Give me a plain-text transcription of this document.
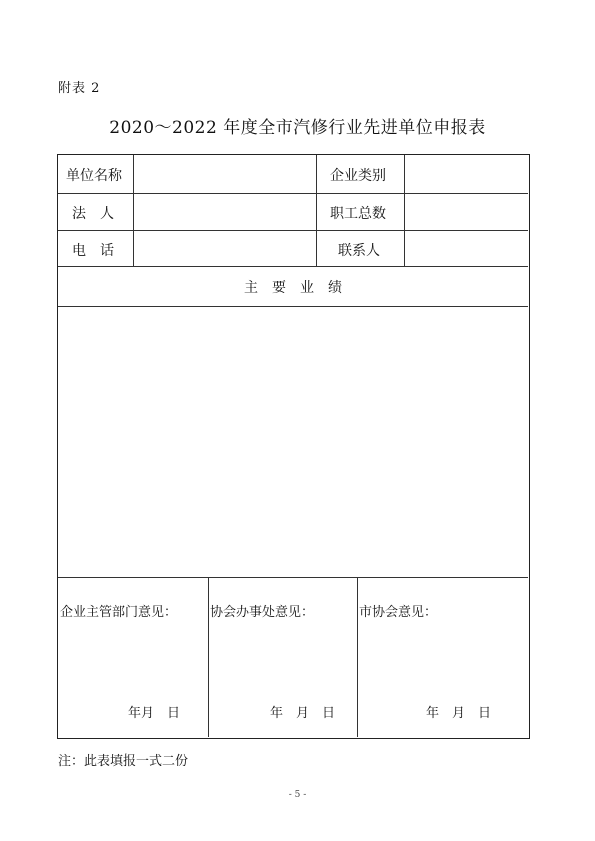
附表 2
2020～2022 年度全市汽修行业先进单位申报表
单位名称	企业类别
法　人	职工总数
电　话	联系人
主　要　业　绩
企业主管部门意见：
年月　日
协会办事处意见：
年　月　日
市协会意见：
年　月　日
注：此表填报一式二份
- 5 -
